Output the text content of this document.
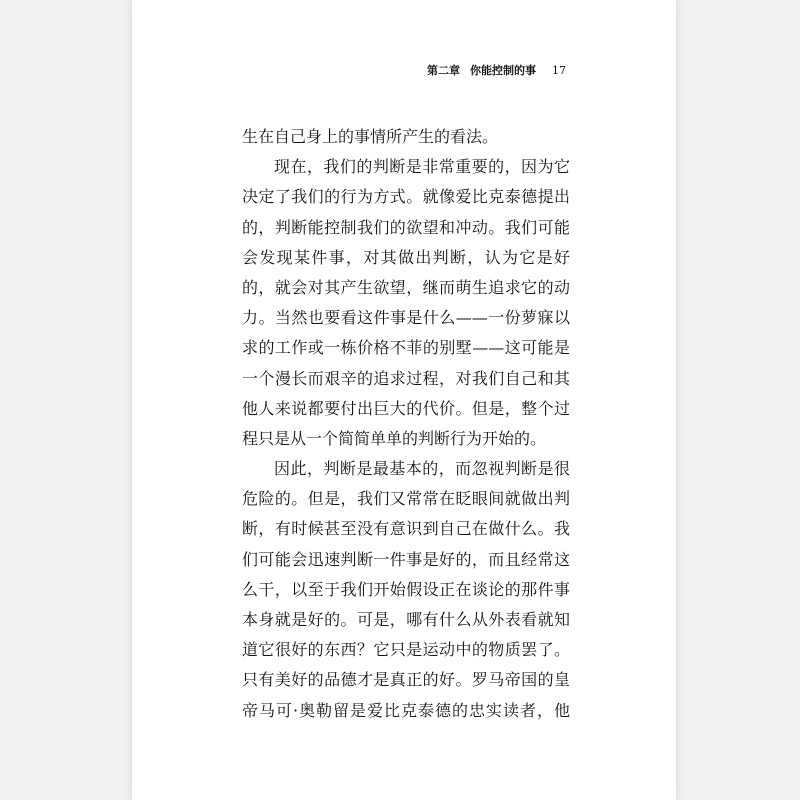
第二章 你能控制的事 17
生在自己身上的事情所产生的看法。
现在，我们的判断是非常重要的，因为它
决定了我们的行为方式。就像爱比克泰德提出
的，判断能控制我们的欲望和冲动。我们可能
会发现某件事，对其做出判断，认为它是好
的，就会对其产生欲望，继而萌生追求它的动
力。当然也要看这件事是什么——一份萝寐以
求的工作或一栋价格不菲的别墅——这可能是
一个漫长而艰辛的追求过程，对我们自己和其
他人来说都要付出巨大的代价。但是，整个过
程只是从一个简简单单的判断行为开始的。
因此，判断是最基本的，而忽视判断是很
危险的。但是，我们又常常在眨眼间就做出判
断，有时候甚至没有意识到自己在做什么。我
们可能会迅速判断一件事是好的，而且经常这
么干，以至于我们开始假设正在谈论的那件事
本身就是好的。可是，哪有什么从外表看就知
道它很好的东西？它只是运动中的物质罢了。
只有美好的品德才是真正的好。罗马帝国的皇
帝马可·奥勒留是爱比克泰德的忠实读者，他
